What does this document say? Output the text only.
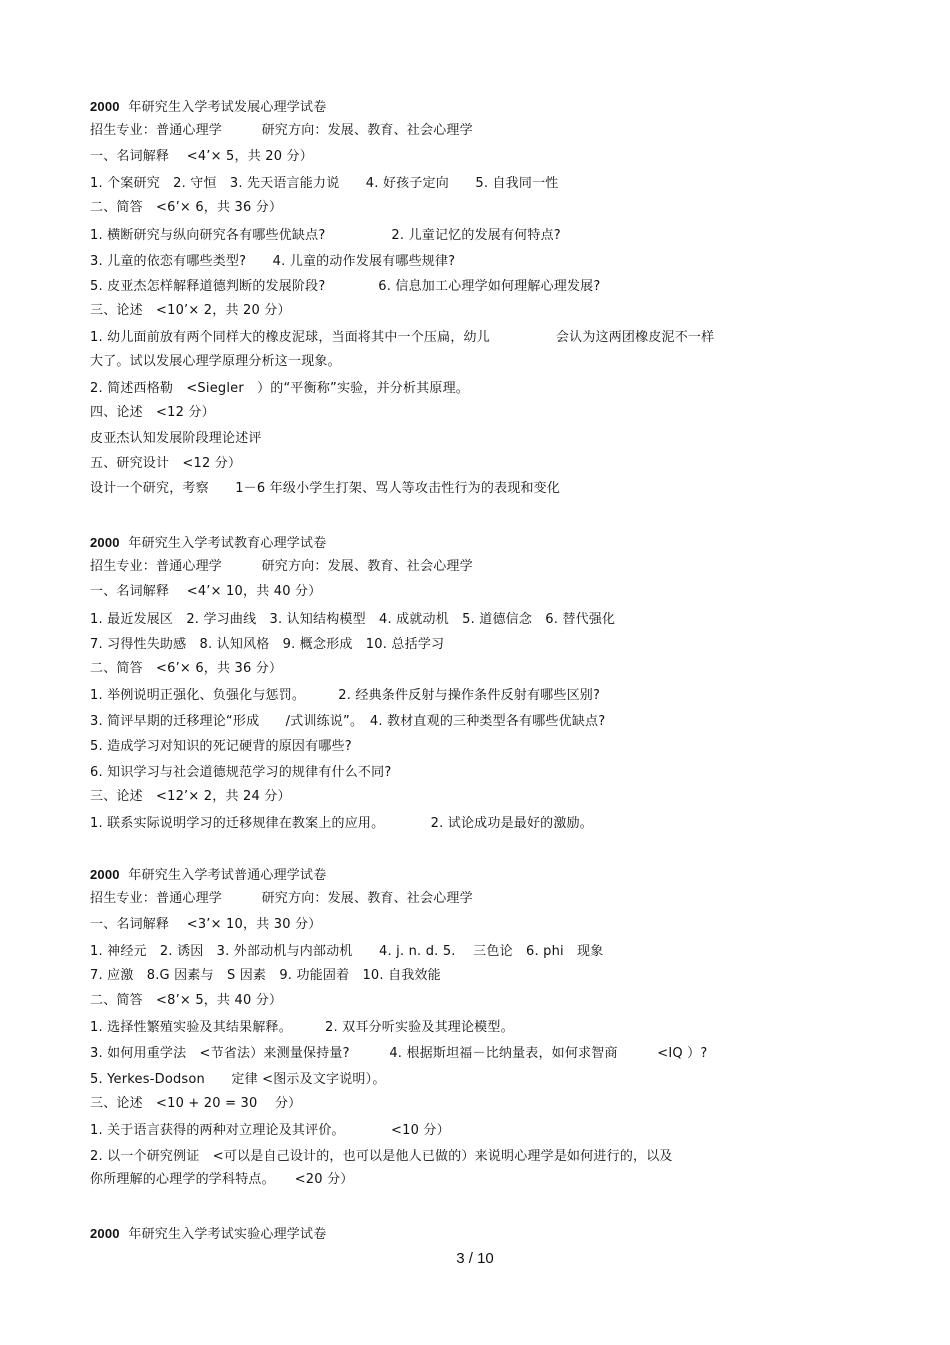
2000 年研究生入学考试发展心理学试卷
招生专业：普通心理学　　　研究方向：发展、教育、社会心理学
一、名词解释　 <4’× 5，共 20 分）
1. 个案研究　2. 守恒　3. 先天语言能力说　　4. 好孩子定向　　5. 自我同一性
二、简答　<6’× 6，共 36 分）
1. 横断研究与纵向研究各有哪些优缺点?　　　　　2. 儿童记忆的发展有何特点?
3. 儿童的依恋有哪些类型?　　4. 儿童的动作发展有哪些规律?
5. 皮亚杰怎样解释道德判断的发展阶段?　　　　6. 信息加工心理学如何理解心理发展?
三、论述　<10’× 2，共 20 分）
1. 幼儿面前放有两个同样大的橡皮泥球，当面将其中一个压扁，幼儿　　　　　会认为这两团橡皮泥不一样
大了。试以发展心理学原理分析这一现象。
2. 简述西格勒　<Siegler　）的“平衡称”实验，并分析其原理。
四、论述　<12 分）
皮亚杰认知发展阶段理论述评
五、研究设计　<12 分）
设计一个研究，考察　　1－6 年级小学生打架、骂人等攻击性行为的表现和变化
2000 年研究生入学考试教育心理学试卷
招生专业：普通心理学　　　研究方向：发展、教育、社会心理学
一、名词解释　 <4’× 10，共 40 分）
1. 最近发展区　2. 学习曲线　3. 认知结构模型　4. 成就动机　5. 道德信念　6. 替代强化
7. 习得性失助感　8. 认知风格　9. 概念形成　10. 总括学习
二、简答　<6’× 6，共 36 分）
1. 举例说明正强化、负强化与惩罚。　　　2. 经典条件反射与操作条件反射有哪些区别?
3. 简评早期的迁移理论“形成　　/式训练说”。　4. 教材直观的三种类型各有哪些优缺点?
5. 造成学习对知识的死记硬背的原因有哪些?
6. 知识学习与社会道德规范学习的规律有什么不同?
三、论述　<12’× 2，共 24 分）
1. 联系实际说明学习的迁移规律在教案上的应用。　　　　2. 试论成功是最好的激励。
2000 年研究生入学考试普通心理学试卷
招生专业：普通心理学　　　研究方向：发展、教育、社会心理学
一、名词解释　 <3’× 10，共 30 分）
1. 神经元　2. 诱因　3. 外部动机与内部动机　　4. j. n. d. 5.　 三色论　6. phi　现象
7. 应激　8.G 因素与　S 因素　9. 功能固着　10. 自我效能
二、简答　<8’× 5，共 40 分）
1. 选择性繁殖实验及其结果解释。　　　2. 双耳分听实验及其理论模型。
3. 如何用重学法　<节省法）来测量保持量?　　　4. 根据斯坦福－比纳量表，如何求智商　　　<IQ ）?
5. Yerkes-Dodson　　定律 <图示及文字说明）。
三、论述　<10 + 20 = 30　 分）
1. 关于语言获得的两种对立理论及其评价。　　　　<10 分）
2. 以一个研究例证　<可以是自己设计的，也可以是他人已做的）来说明心理学是如何进行的，以及
你所理解的心理学的学科特点。　　<20 分）
2000 年研究生入学考试实验心理学试卷
3 / 10
